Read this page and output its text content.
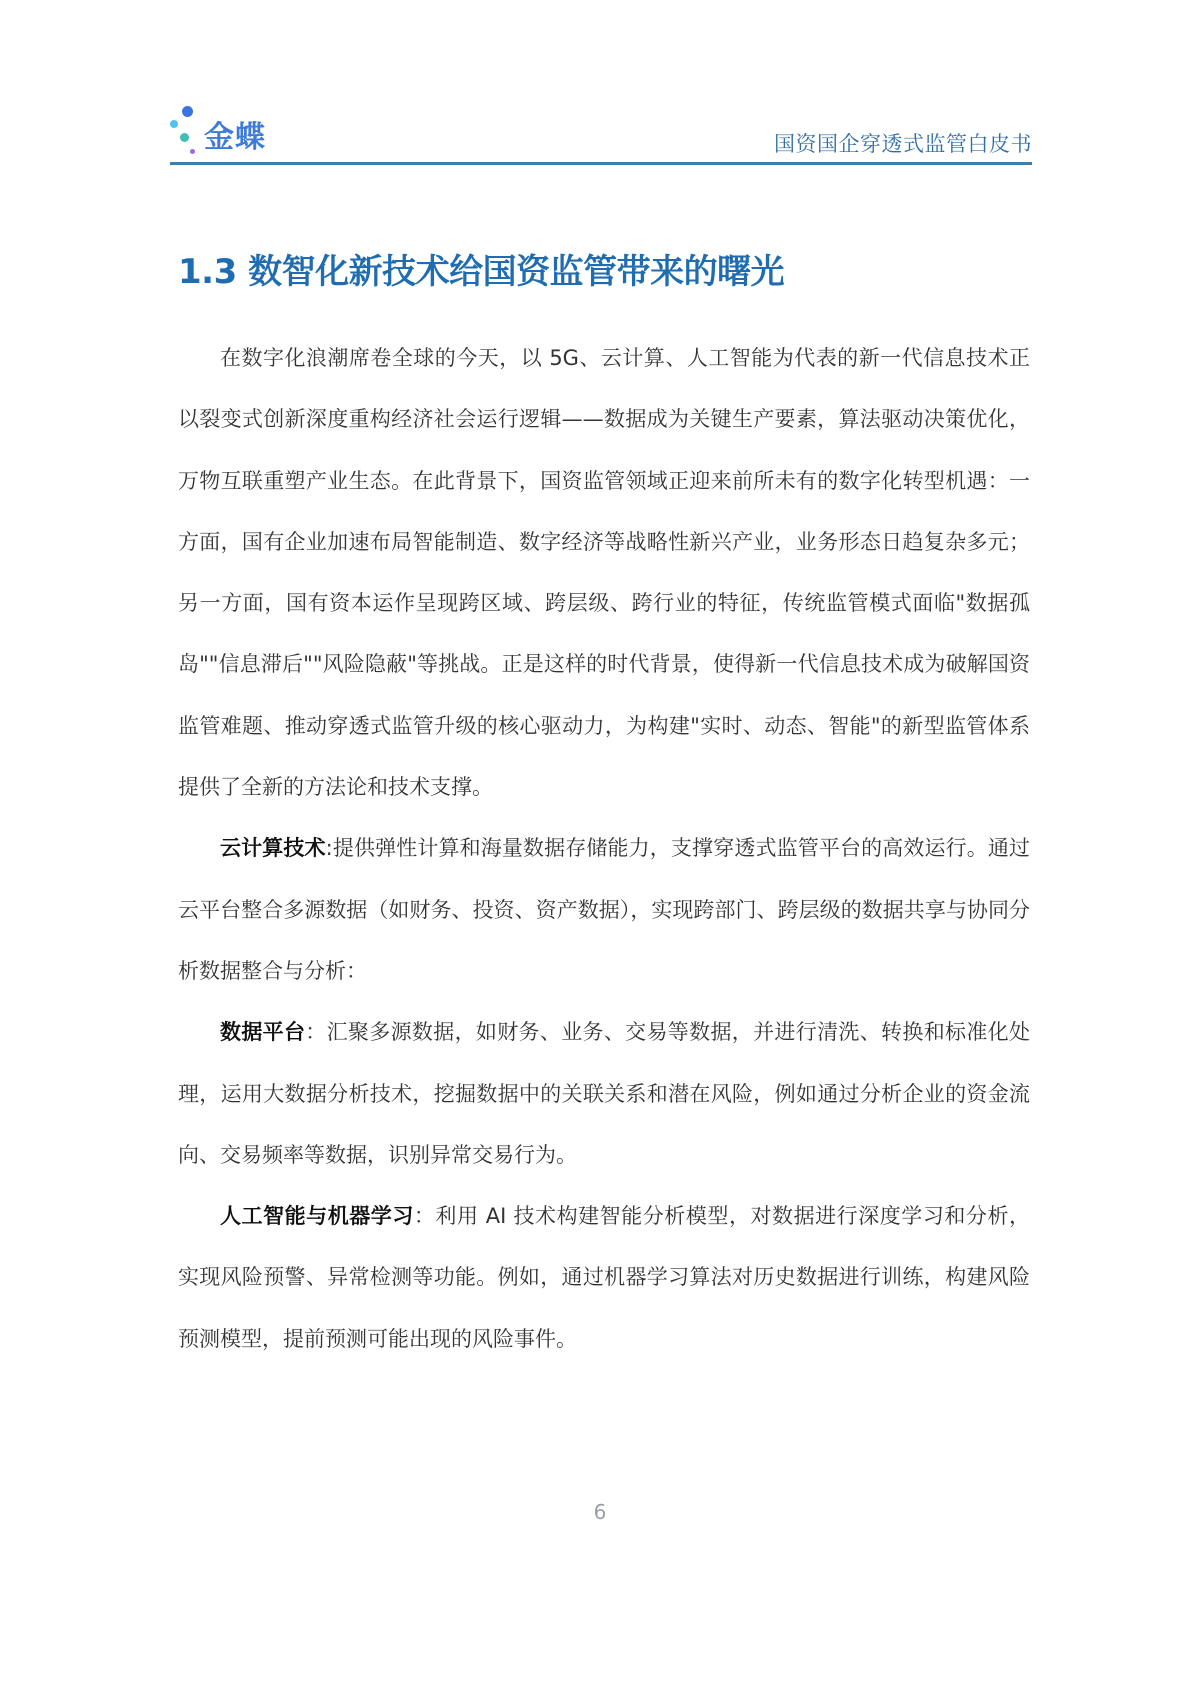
金蝶	国资国企穿透式监管白皮书
1.3 数智化新技术给国资监管带来的曙光

在数字化浪潮席卷全球的今天，以 5G、云计算、人工智能为代表的新一代信息技术正以裂变式创新深度重构经济社会运行逻辑——数据成为关键生产要素，算法驱动决策优化，万物互联重塑产业生态。在此背景下，国资监管领域正迎来前所未有的数字化转型机遇：一方面，国有企业加速布局智能制造、数字经济等战略性新兴产业，业务形态日趋复杂多元；另一方面，国有资本运作呈现跨区域、跨层级、跨行业的特征，传统监管模式面临"数据孤岛""信息滞后""风险隐蔽"等挑战。正是这样的时代背景，使得新一代信息技术成为破解国资监管难题、推动穿透式监管升级的核心驱动力，为构建"实时、动态、智能"的新型监管体系提供了全新的方法论和技术支撑。

云计算技术:提供弹性计算和海量数据存储能力，支撑穿透式监管平台的高效运行。通过云平台整合多源数据（如财务、投资、资产数据），实现跨部门、跨层级的数据共享与协同分析数据整合与分析：

数据平台：汇聚多源数据，如财务、业务、交易等数据，并进行清洗、转换和标准化处理，运用大数据分析技术，挖掘数据中的关联关系和潜在风险，例如通过分析企业的资金流向、交易频率等数据，识别异常交易行为。

人工智能与机器学习：利用 AI 技术构建智能分析模型，对数据进行深度学习和分析，实现风险预警、异常检测等功能。例如，通过机器学习算法对历史数据进行训练，构建风险预测模型，提前预测可能出现的风险事件。

6
